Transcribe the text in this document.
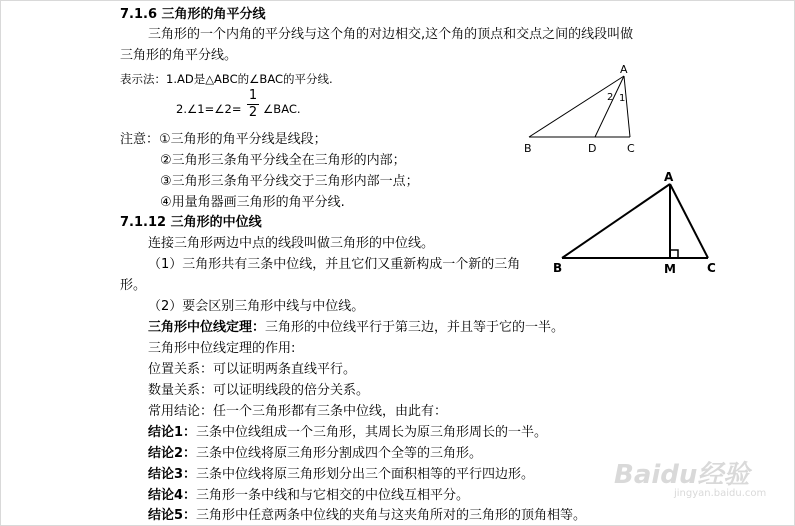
7.1.6 三角形的角平分线
三角形的一个内角的平分线与这个角的对边相交,这个角的顶点和交点之间的线段叫做
三角形的角平分线。
表示法：1.AD是△ABC的∠BAC的平分线.
2.∠1=∠2=
1
2 ∠BAC.
注意：①三角形的角平分线是线段；
②三角形三条角平分线全在三角形的内部；
③三角形三条角平分线交于三角形内部一点；
④用量角器画三角形的角平分线.
A
B	C
D
1
2
7.1.12 三角形的中位线
连接三角形两边中点的线段叫做三角形的中位线。
（1）三角形共有三条中位线，并且它们又重新构成一个新的三角
形。
（2）要会区别三角形中线与中位线。
三角形中位线定理：三角形的中位线平行于第三边，并且等于它的一半。
三角形中位线定理的作用:
位置关系：可以证明两条直线平行。
数量关系：可以证明线段的倍分关系。
常用结论：任一个三角形都有三条中位线，由此有：
结论1：三条中位线组成一个三角形，其周长为原三角形周长的一半。
结论2：三条中位线将原三角形分割成四个全等的三角形。
结论3：三条中位线将原三角形划分出三个面积相等的平行四边形。
结论4：三角形一条中线和与它相交的中位线互相平分。
结论5：三角形中任意两条中位线的夹角与这夹角所对的三角形的顶角相等。
A
B	C
M
Baidu经验
jingyan.baidu.com
